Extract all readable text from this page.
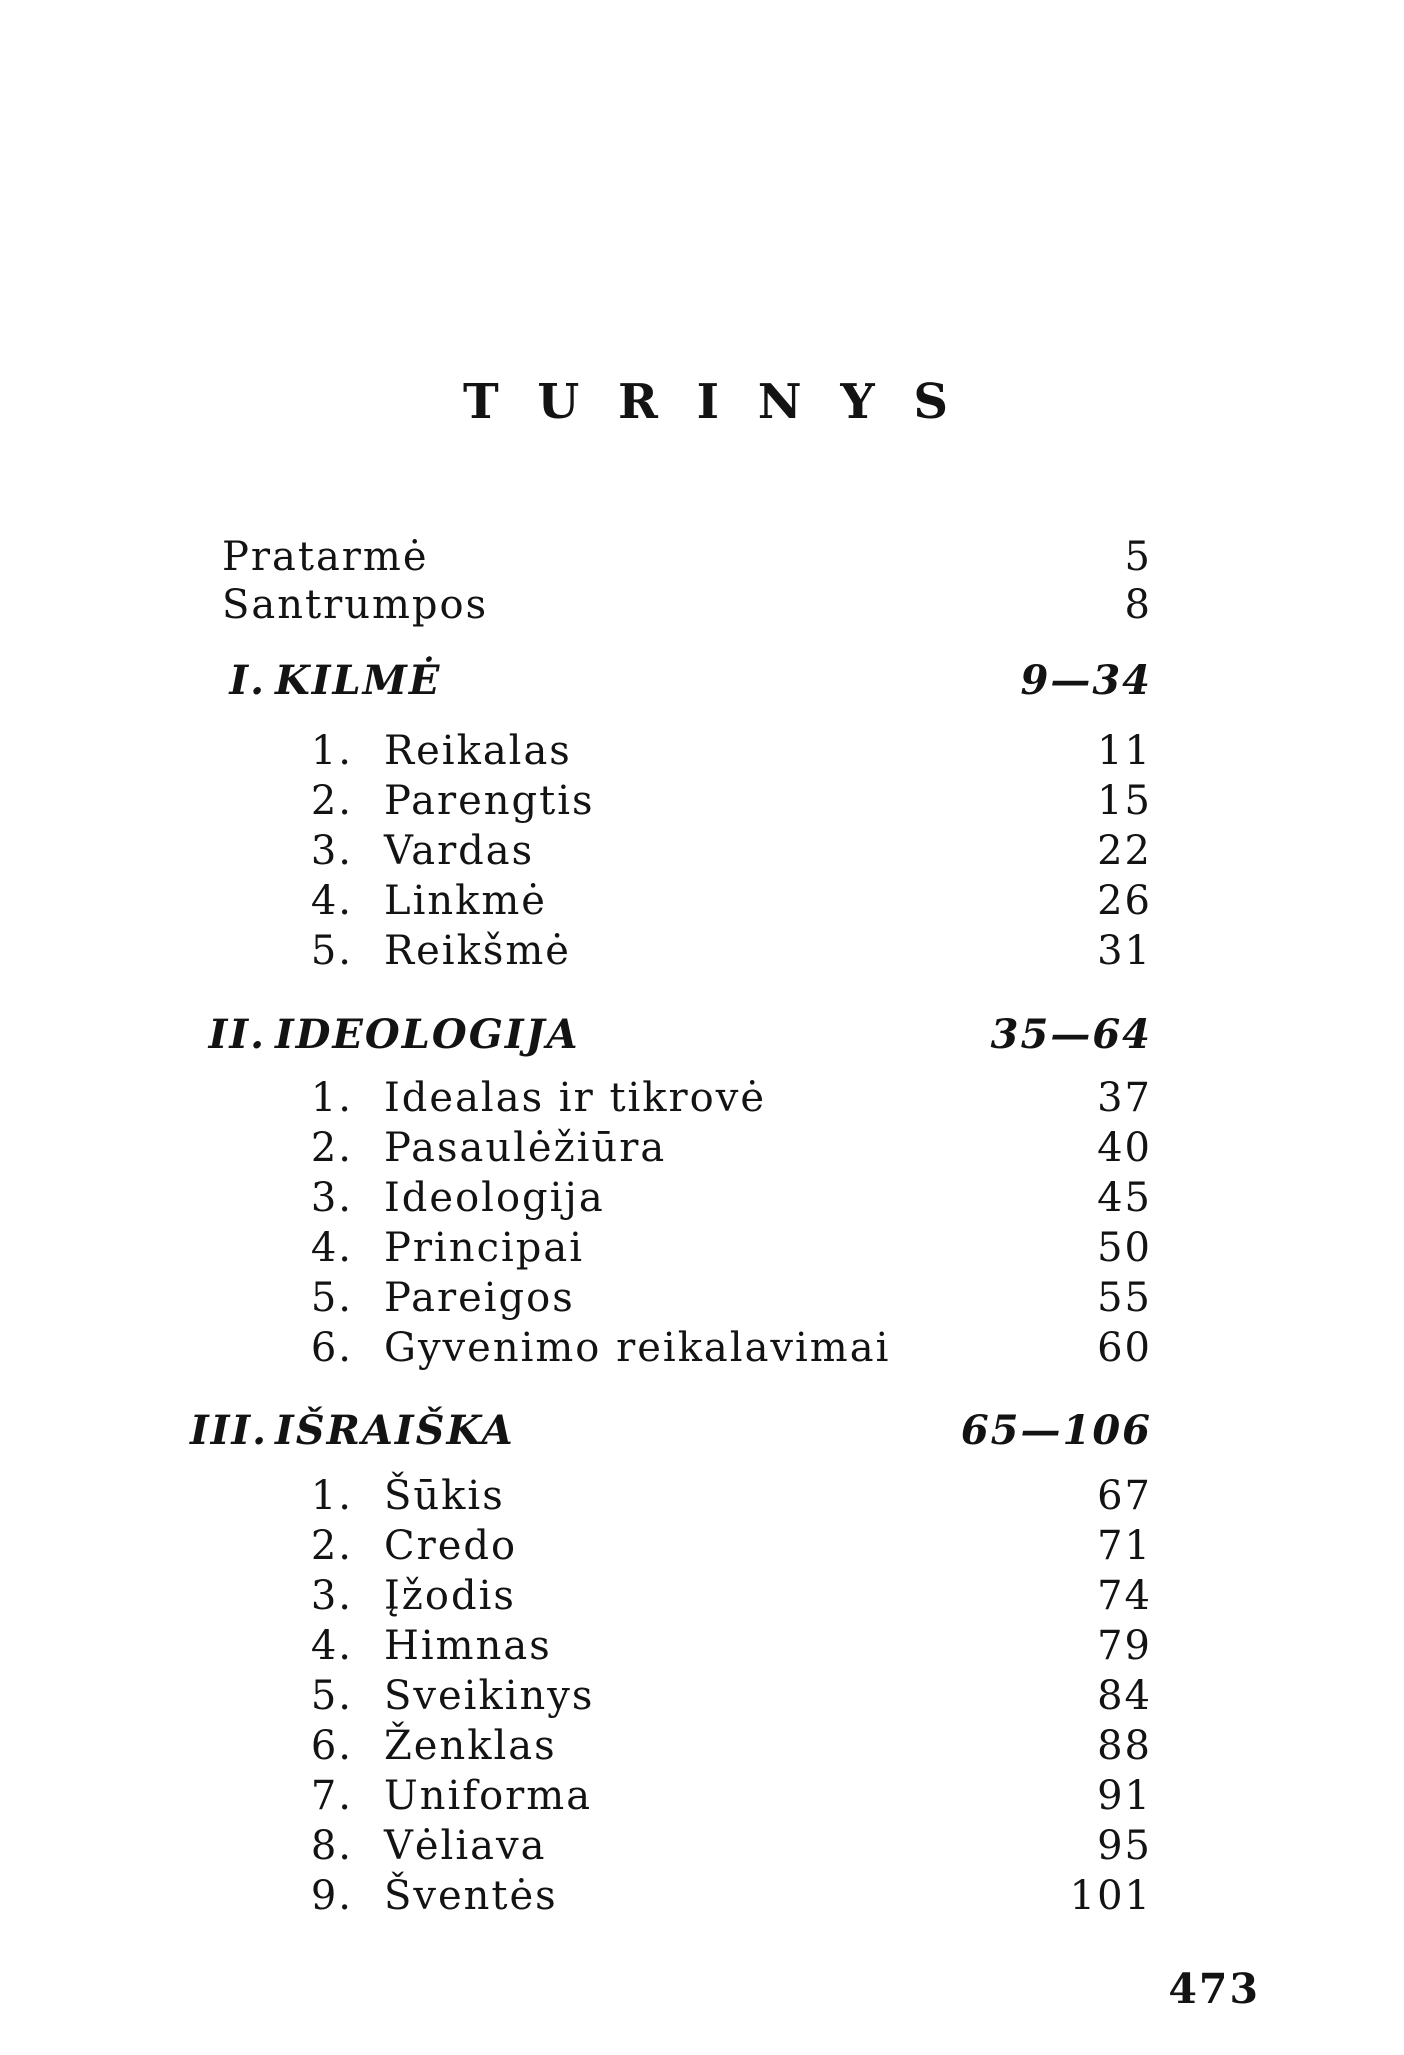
T U R I N Y S
Pratarmė	5
Santrumpos	8
I. KILMĖ	9—34
1. Reikalas	11
2. Parengtis	15
3. Vardas	22
4. Linkmė	26
5. Reikšmė	31
II. IDEOLOGIJA	35—64
1. Idealas ir tikrovė	37
2. Pasaulėžiūra	40
3. Ideologija	45
4. Principai	50
5. Pareigos	55
6. Gyvenimo reikalavimai	60
III. IŠRAIŠKA	65—106
1. Šūkis	67
2. Credo	71
3. Įžodis	74
4. Himnas	79
5. Sveikinys	84
6. Ženklas	88
7. Uniforma	91
8. Vėliava	95
9. Šventės	101
473
